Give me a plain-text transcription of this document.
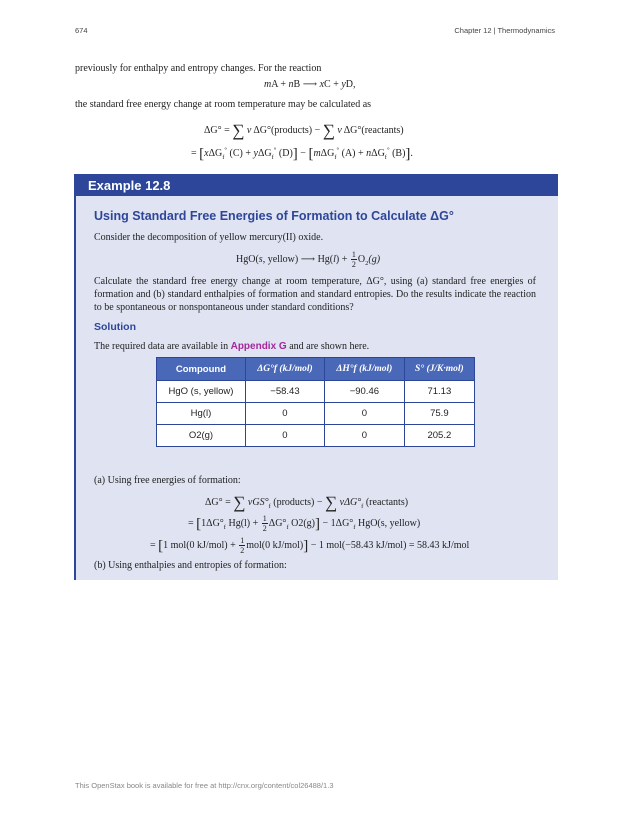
674	Chapter 12 | Thermodynamics
previously for enthalpy and entropy changes. For the reaction
mA + nB ⟶ xC + yD,
the standard free energy change at room temperature may be calculated as
ΔG° = ∑ ν ΔG°(products) − ∑ ν ΔG°(reactants)
= [xΔG$_f$° (C) + yΔG$_f$° (D)] − [mΔG$_f$° (A) + nΔG$_f$° (B)].
Example 12.8
Using Standard Free Energies of Formation to Calculate ΔG°
Consider the decomposition of yellow mercury(II) oxide.
HgO(s, yellow) ⟶ $Hg(l) + \frac{1}{2} O_2(g)$
Calculate the standard free energy change at room temperature, ΔG°, using (a) standard free energies of formation and (b) standard enthalpies of formation and standard entropies. Do the results indicate the reaction to be spontaneous or nonspontaneous under standard conditions?
Solution
The required data are available in Appendix G and are shown here.
Compound	ΔG°f (kJ/mol)	ΔH°f (kJ/mol)	S° (J/K·mol)
HgO (s, yellow)	−58.43	−90.46	71.13
Hg(l)	0	0	75.9
O2(g)	0	0	205.2
(a) Using free energies of formation:
ΔG° = ∑ $\nu GS^\circ_f$ (products) − ∑ $\nu\Delta G^\circ_f$ (reactants)
= [$1\Delta G^\circ_f$ $Hg(l) + \frac{1}{2} \Delta G^\circ_f$ $O2(g)] - 1\Delta G^\circ_f$ HgO(s, yellow)
= [1 mol(0 $kJ/mol) + \frac{1}{2} mol(0$ kJ/mol)] − 1 mol(−58.43 kJ/mol) = 58.43 kJ/mol
(b) Using enthalpies and entropies of formation:
This OpenStax book is available for free at http://cnx.org/content/col26488/1.3
